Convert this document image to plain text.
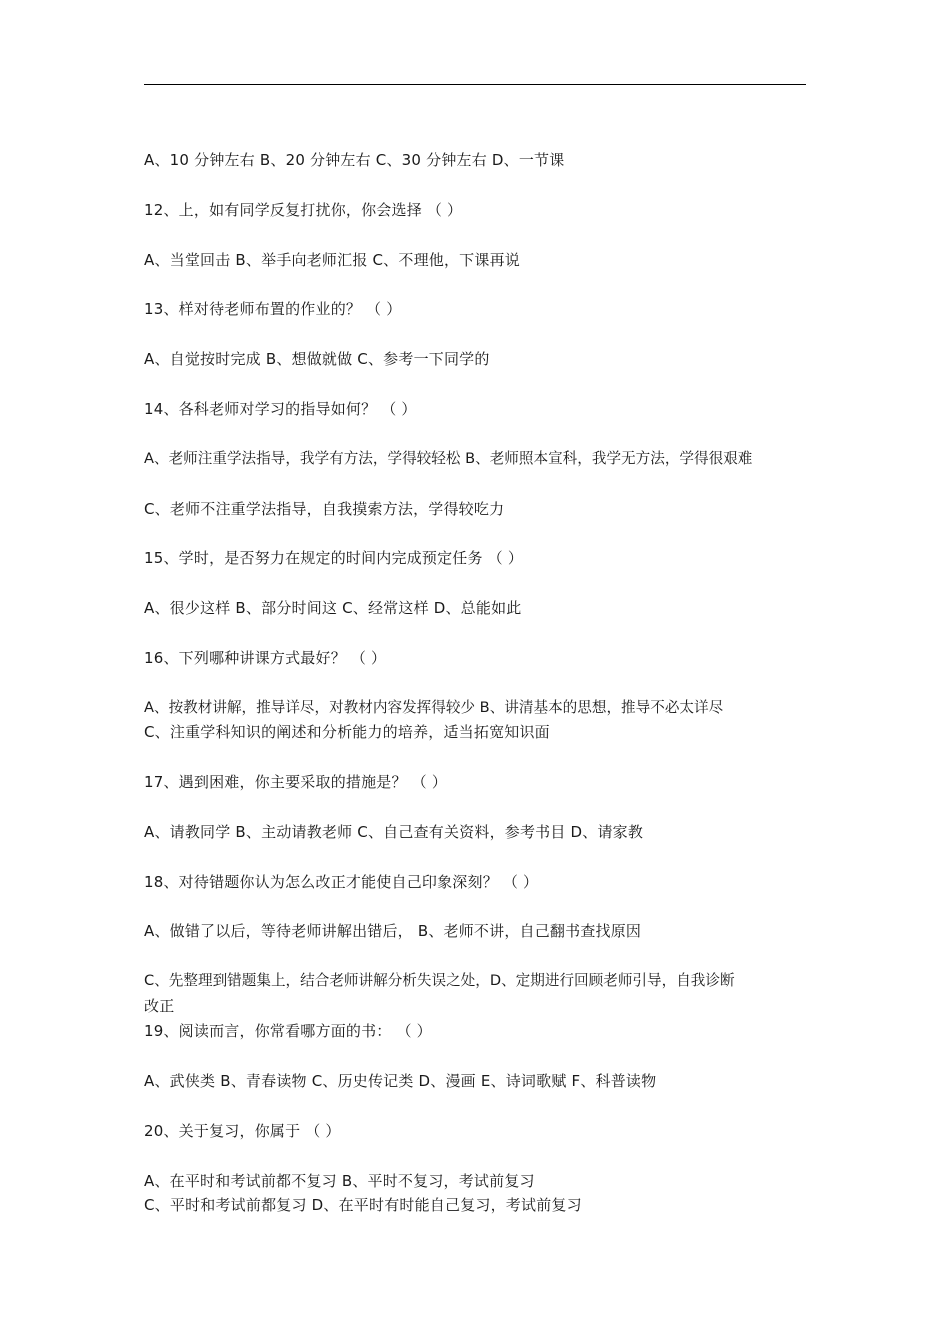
A、10 分钟左右 B、20 分钟左右 C、30 分钟左右 D、一节课
12、上，如有同学反复打扰你，你会选择 （ ）
A、当堂回击 B、举手向老师汇报 C、不理他，下课再说
13、样对待老师布置的作业的？ （ ）
A、自觉按时完成 B、想做就做 C、参考一下同学的
14、各科老师对学习的指导如何？ （ ）
A、老师注重学法指导，我学有方法，学得较轻松 B、老师照本宣科，我学无方法，学得很艰难
C、老师不注重学法指导，自我摸索方法，学得较吃力
15、学时，是否努力在规定的时间内完成预定任务 （ ）
A、很少这样 B、部分时间这 C、经常这样 D、总能如此
16、下列哪种讲课方式最好？ （ ）
A、按教材讲解，推导详尽，对教材内容发挥得较少 B、讲清基本的思想，推导不必太详尽
C、注重学科知识的阐述和分析能力的培养，适当拓宽知识面
17、遇到困难，你主要采取的措施是？ （ ）
A、请教同学 B、主动请教老师 C、自己查有关资料，参考书目 D、请家教
18、对待错题你认为怎么改正才能使自己印象深刻？ （ ）
A、做错了以后，等待老师讲解出错后， B、老师不讲，自己翻书查找原因
C、先整理到错题集上，结合老师讲解分析失误之处，D、定期进行回顾老师引导，自我诊断
改正
19、阅读而言，你常看哪方面的书： （ ）
A、武侠类 B、青春读物 C、历史传记类 D、漫画 E、诗词歌赋 F、科普读物
20、关于复习，你属于 （ ）
A、在平时和考试前都不复习 B、平时不复习，考试前复习
C、平时和考试前都复习 D、在平时有时能自己复习，考试前复习
